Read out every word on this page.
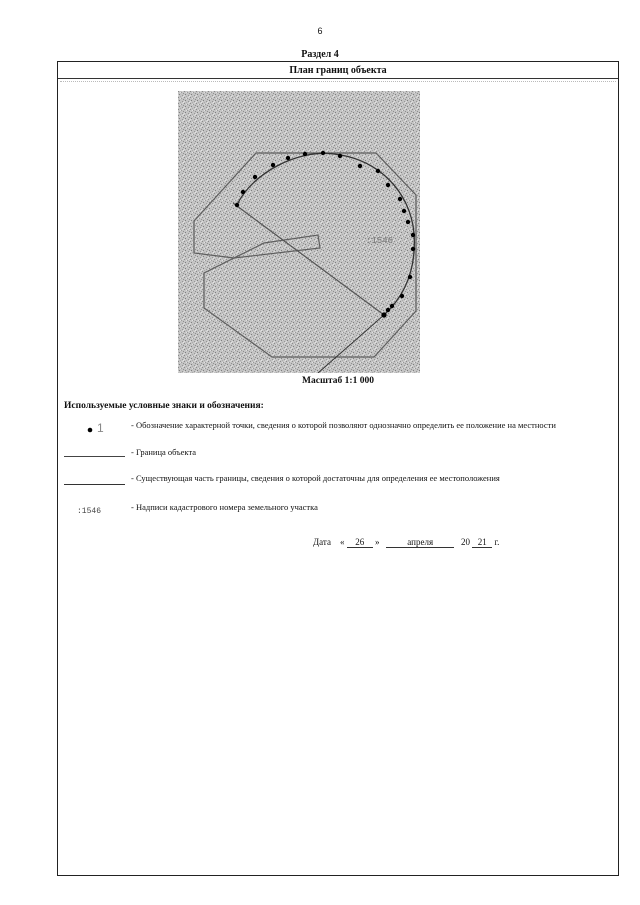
6
Раздел 4
План границ объекта
:1546
Масштаб 1:1 000
Используемые условные знаки и обозначения:
1	- Обозначение характерной точки, сведения о которой позволяют однозначно определить ее положение на местности
- Граница объекта
- Существующая часть границы, сведения о которой достаточны для определения ее местоположения
:1546	- Надписи кадастрового номера земельного участка
Дата « 26 »	апреля	20 21 г.
